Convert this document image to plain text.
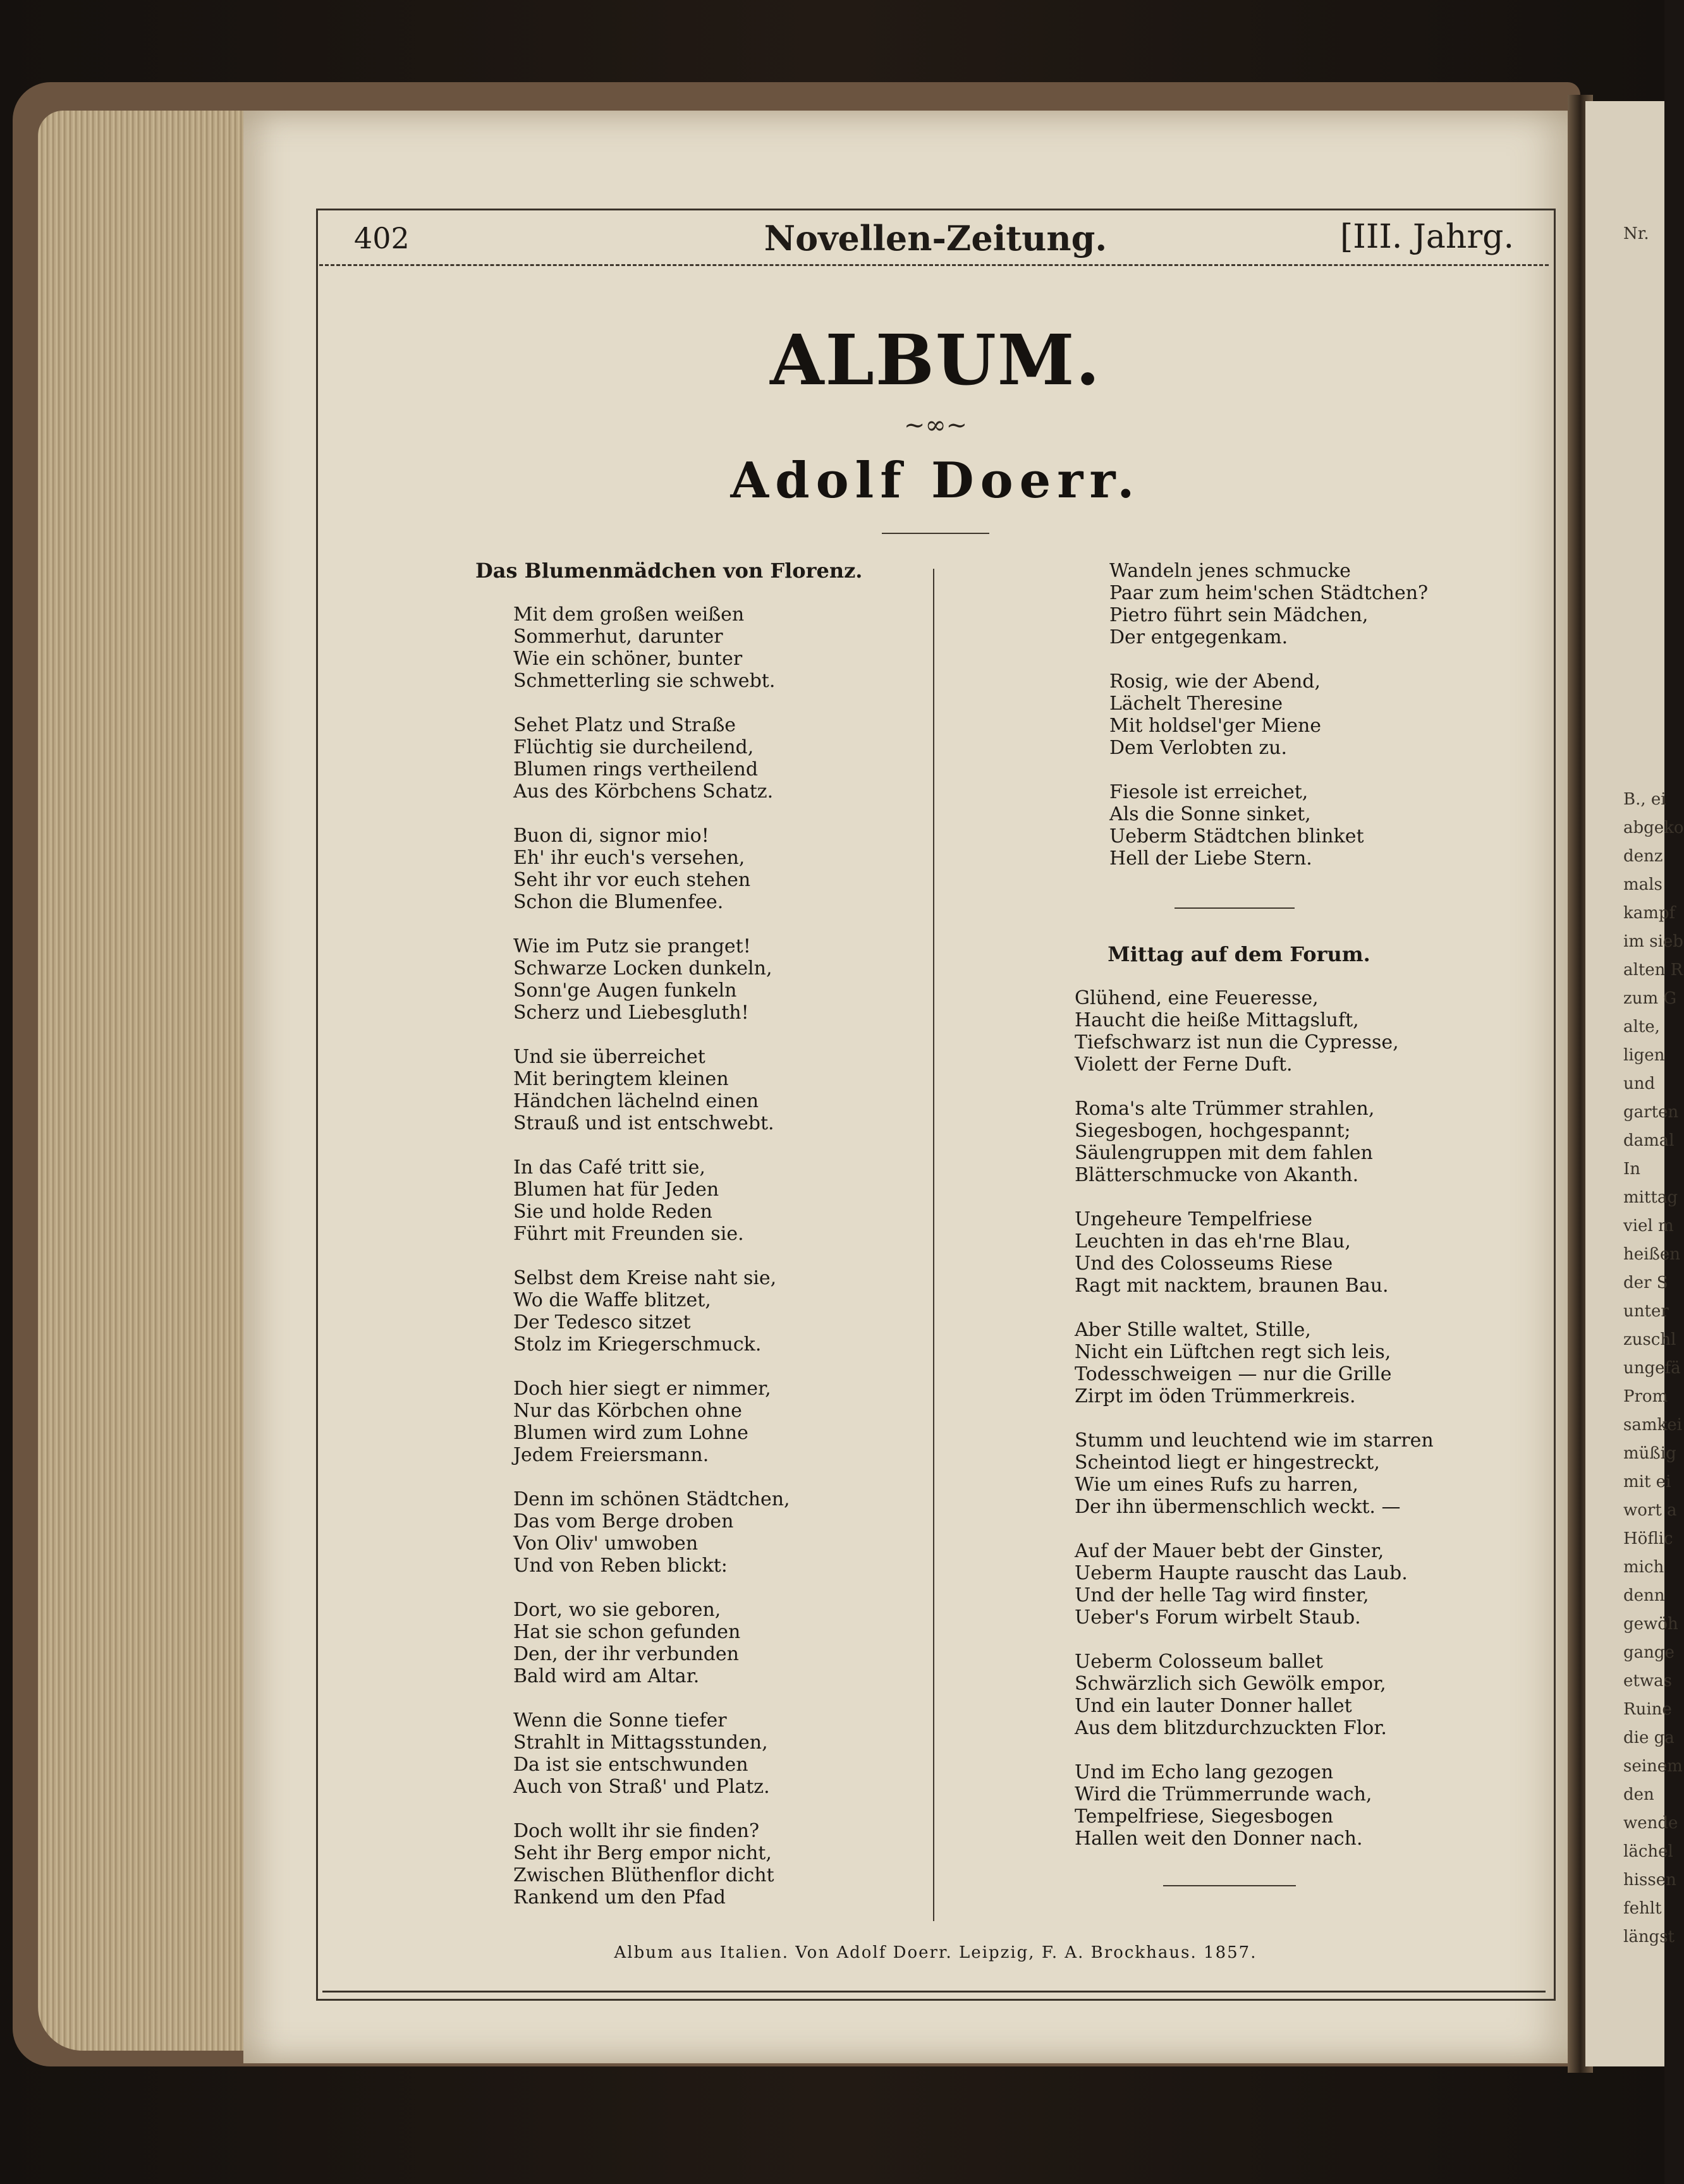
402	Novellen-Zeitung.	[III. Jahrg.
ALBUM.
~∞~
Adolf Doerr.
Das Blumenmädchen von Florenz.
Mit dem großen weißen
Sommerhut, darunter
Wie ein schöner, bunter
Schmetterling sie schwebt.
Sehet Platz und Straße
Flüchtig sie durcheilend,
Blumen rings vertheilend
Aus des Körbchens Schatz.
Buon di, signor mio!
Eh' ihr euch's versehen,
Seht ihr vor euch stehen
Schon die Blumenfee.
Wie im Putz sie pranget!
Schwarze Locken dunkeln,
Sonn'ge Augen funkeln
Scherz und Liebesgluth!
Und sie überreichet
Mit beringtem kleinen
Händchen lächelnd einen
Strauß und ist entschwebt.
In das Café tritt sie,
Blumen hat für Jeden
Sie und holde Reden
Führt mit Freunden sie.
Selbst dem Kreise naht sie,
Wo die Waffe blitzet,
Der Tedesco sitzet
Stolz im Kriegerschmuck.
Doch hier siegt er nimmer,
Nur das Körbchen ohne
Blumen wird zum Lohne
Jedem Freiersmann.
Denn im schönen Städtchen,
Das vom Berge droben
Von Oliv' umwoben
Und von Reben blickt:
Dort, wo sie geboren,
Hat sie schon gefunden
Den, der ihr verbunden
Bald wird am Altar.
Wenn die Sonne tiefer
Strahlt in Mittagsstunden,
Da ist sie entschwunden
Auch von Straß' und Platz.
Doch wollt ihr sie finden?
Seht ihr Berg empor nicht,
Zwischen Blüthenflor dicht
Rankend um den Pfad
Wandeln jenes schmucke
Paar zum heim'schen Städtchen?
Pietro führt sein Mädchen,
Der entgegenkam.
Rosig, wie der Abend,
Lächelt Theresine
Mit holdsel'ger Miene
Dem Verlobten zu.
Fiesole ist erreichet,
Als die Sonne sinket,
Ueberm Städtchen blinket
Hell der Liebe Stern.
Mittag auf dem Forum.
Glühend, eine Feueresse,
Haucht die heiße Mittagsluft,
Tiefschwarz ist nun die Cypresse,
Violett der Ferne Duft.
Roma's alte Trümmer strahlen,
Siegesbogen, hochgespannt;
Säulengruppen mit dem fahlen
Blätterschmucke von Akanth.
Ungeheure Tempelfriese
Leuchten in das eh'rne Blau,
Und des Colosseums Riese
Ragt mit nacktem, braunen Bau.
Aber Stille waltet, Stille,
Nicht ein Lüftchen regt sich leis,
Todesschweigen — nur die Grille
Zirpt im öden Trümmerkreis.
Stumm und leuchtend wie im starren
Scheintod liegt er hingestreckt,
Wie um eines Rufs zu harren,
Der ihn übermenschlich weckt. —
Auf der Mauer bebt der Ginster,
Ueberm Haupte rauscht das Laub.
Und der helle Tag wird finster,
Ueber's Forum wirbelt Staub.
Ueberm Colosseum ballet
Schwärzlich sich Gewölk empor,
Und ein lauter Donner hallet
Aus dem blitzdurchzuckten Flor.
Und im Echo lang gezogen
Wird die Trümmerrunde wach,
Tempelfriese, Siegesbogen
Hallen weit den Donner nach.
Album aus Italien. Von Adolf Doerr. Leipzig, F. A. Brockhaus. 1857.
Nr.
B., ei
abgeko
denz
mals
kampf
im sieb
alten R
zum G
alte,
ligen
und
garten
damal
In
mittag
viel m
heißen
der S
unter
zuschl
ungefä
Prom
samkei
müßig
mit ei
wort a
Höflic
mich
denn
gewöh
gange
etwas
Ruine
die ga
seinem
den
wende
lächel
hissen
fehlt
längst
